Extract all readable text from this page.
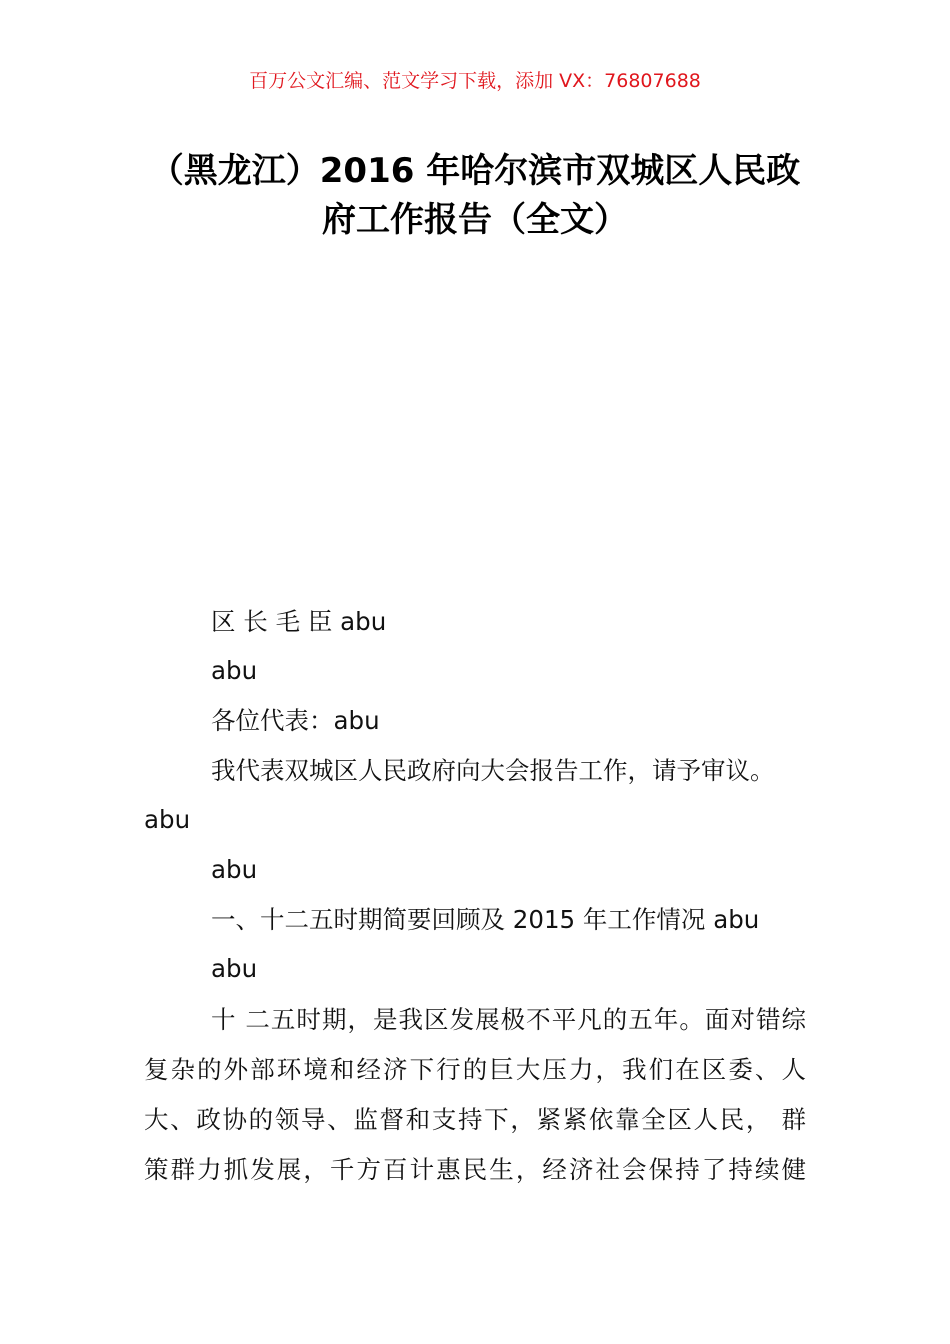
百万公文汇编、范文学习下载，添加 VX：76807688
（黑龙江）2016 年哈尔滨市双城区人民政
府工作报告（全文）
区 长 毛 臣 abu
abu
各位代表：abu
我代表双城区人民政府向大会报告工作，请予审议。
abu
abu
一、十二五时期简要回顾及 2015 年工作情况 abu
abu
十 二五时期，是我区发展极不平凡的五年。面对错综
复杂的外部环境和经济下行的巨大压力，我们在区委、人
大、政协的领导、监督和支持下，紧紧依靠全区人民， 群
策群力抓发展，千方百计惠民生，经济社会保持了持续健
